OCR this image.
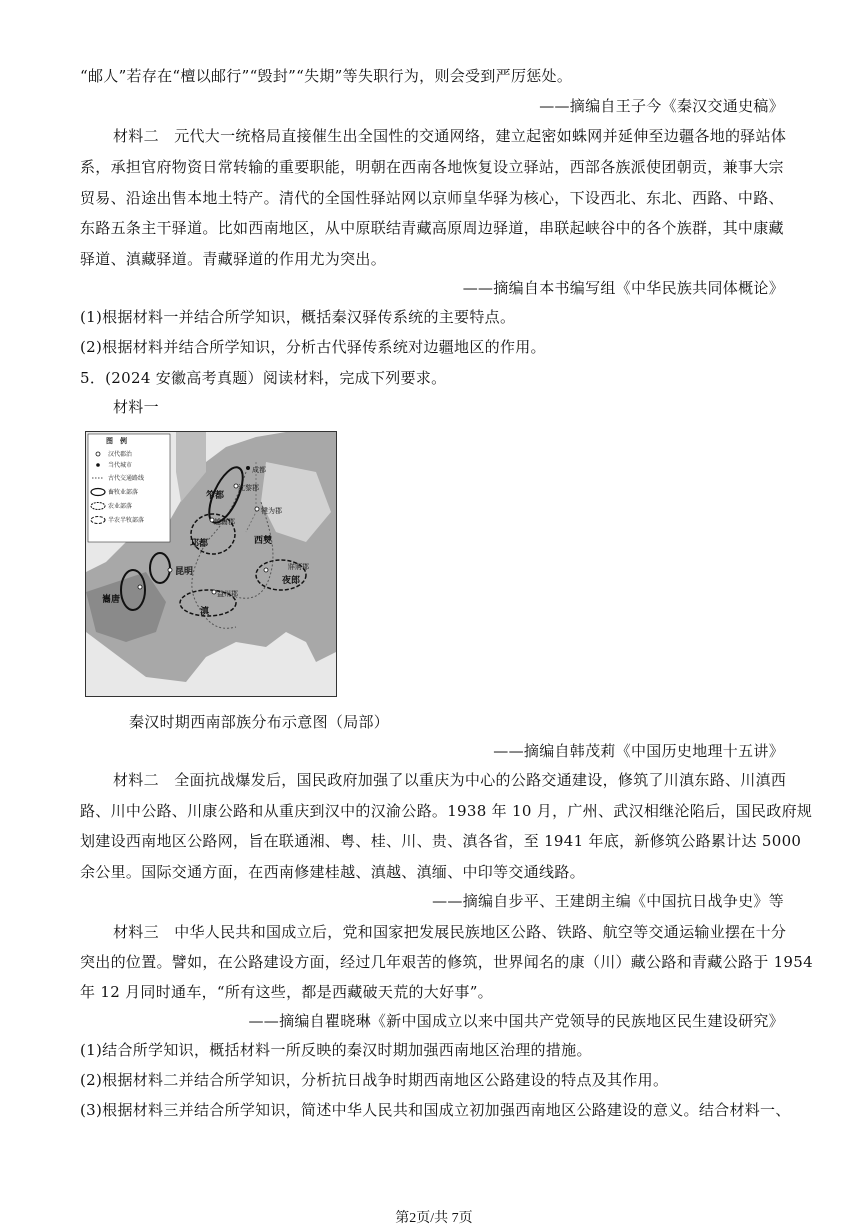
“邮人”若存在“檀以邮行”“毁封”“失期”等失职行为，则会受到严厉惩处。
——摘编自王子今《秦汉交通史稿》
材料二　元代大一统格局直接催生出全国性的交通网络，建立起密如蛛网并延伸至边疆各地的驿站体
系，承担官府物资日常转输的重要职能，明朝在西南各地恢复设立驿站，西部各族派使团朝贡，兼事大宗
贸易、沿途出售本地土特产。清代的全国性驿站网以京师皇华驿为核心，下设西北、东北、西路、中路、
东路五条主干驿道。比如西南地区，从中原联结青藏高原周边驿道，串联起峡谷中的各个族群，其中康藏
驿道、滇藏驿道。青藏驿道的作用尤为突出。
——摘编自本书编写组《中华民族共同体概论》
(1)根据材料一并结合所学知识，概括秦汉驿传系统的主要特点。
(2)根据材料并结合所学知识，分析古代驿传系统对边疆地区的作用。
5．(2024 安徽高考真题）阅读材料，完成下列要求。
材料一
图　例
汉代郡治
当代城市
古代交通路线
畜牧业部落
农业部落
半农半牧部落
成都
笮都
沈黎郡
越巂郡
邛都
犍为郡
西僰
夜郎
牂牁郡
昆明
巂唐
益州郡
滇
秦汉时期西南部族分布示意图（局部）
——摘编自韩茂莉《中国历史地理十五讲》
材料二　全面抗战爆发后，国民政府加强了以重庆为中心的公路交通建设，修筑了川滇东路、川滇西
路、川中公路、川康公路和从重庆到汉中的汉渝公路。1938 年 10 月，广州、武汉相继沦陷后，国民政府规
划建设西南地区公路网，旨在联通湘、粤、桂、川、贵、滇各省，至 1941 年底，新修筑公路累计达 5000
余公里。国际交通方面，在西南修建桂越、滇越、滇缅、中印等交通线路。
——摘编自步平、王建朗主编《中国抗日战争史》等
材料三　中华人民共和国成立后，党和国家把发展民族地区公路、铁路、航空等交通运输业摆在十分
突出的位置。譬如，在公路建设方面，经过几年艰苦的修筑，世界闻名的康（川）藏公路和青藏公路于 1954
年 12 月同时通车，“所有这些，都是西藏破天荒的大好事”。
——摘编自瞿晓琳《新中国成立以来中国共产党领导的民族地区民生建设研究》
(1)结合所学知识，概括材料一所反映的秦汉时期加强西南地区治理的措施。
(2)根据材料二并结合所学知识，分析抗日战争时期西南地区公路建设的特点及其作用。
(3)根据材料三并结合所学知识，简述中华人民共和国成立初加强西南地区公路建设的意义。结合材料一、
第2页/共 7页
